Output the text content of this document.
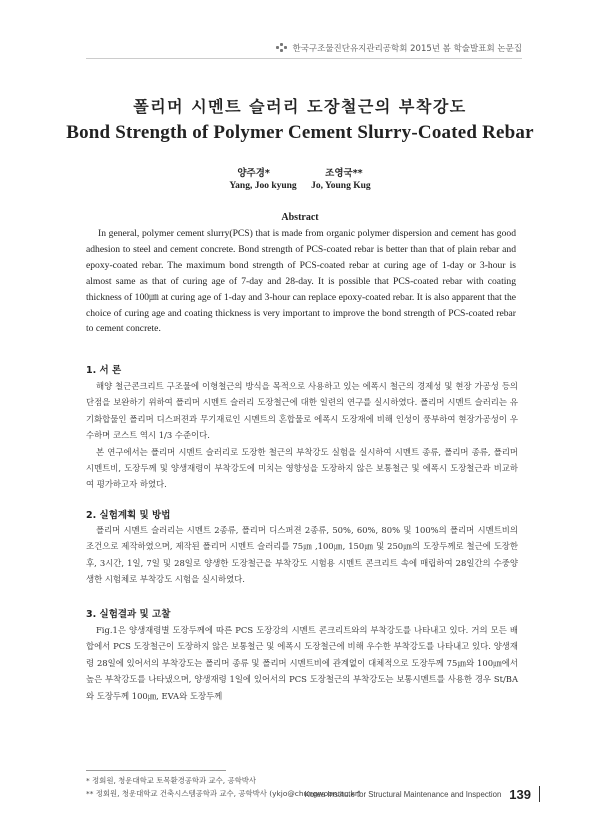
한국구조물진단유지관리공학회 2015년 봄 학술발표회 논문집
폴리머 시멘트 슬러리 도장철근의 부착강도
Bond Strength of Polymer Cement Slurry-Coated Rebar
양주경*	조영국**
Yang, Joo kyung Jo, Young Kug
Abstract
In general, polymer cement slurry(PCS) that is made from organic polymer dispersion and cement has good adhesion to steel and cement concrete. Bond strength of PCS-coated rebar is better than that of plain rebar and epoxy-coated rebar. The maximum bond strength of PCS-coated rebar at curing age of 1-day or 3-hour is almost same as that of curing age of 7-day and 28-day. It is possible that PCS-coated rebar with coating thickness of 100㎛ at curing age of 1-day and 3-hour can replace epoxy-coated rebar. It is also apparent that the choice of curing age and coating thickness is very important to improve the bond strength of PCS-coated rebar to cement concrete.
1. 서 론

해양 철근콘크리트 구조물에 이형철근의 방식을 목적으로 사용하고 있는 에폭시 철근의 경제성 및 현장 가공성 등의 단점을 보완하기 위하여 폴리머 시멘트 슬러리 도장철근에 대한 일련의 연구를 실시하였다. 폴리머 시멘트 슬러리는 유기화합물인 폴리머 디스퍼젼과 무기재료인 시멘트의 혼합물로 에폭시 도장재에 비해 인성이 풍부하여 현장가공성이 우수하며 코스트 역시 1/3 수준이다.

본 연구에서는 폴리머 시멘트 슬러리로 도장한 철근의 부착강도 실험을 실시하여 시멘트 종류, 폴리머 종류, 폴리머 시멘트비, 도장두께 및 양생재령이 부착강도에 미치는 영향성을 도장하지 않은 보통철근 및 에폭시 도장철근과 비교하여 평가하고자 하였다.

2. 실험계획 및 방법

폴리머 시멘트 슬러리는 시멘트 2종류, 폴리머 디스퍼젼 2종류, 50%, 60%, 80% 및 100%의 폴리머 시멘트비의 조건으로 제작하였으며, 제작된 폴리머 시멘트 슬러리를 75㎛ ,100㎛, 150㎛ 및 250㎛의 도장두께로 철근에 도장한 후, 3시간, 1일, 7일 및 28일로 양생한 도장철근을 부착강도 시험용 시멘트 콘크리트 속에 매립하여 28일간의 수중양생한 시험체로 부착강도 시험을 실시하였다.

3. 실험결과 및 고찰

Fig.1은 양생재령별 도장두께에 따른 PCS 도장강의 시멘트 콘크리트와의 부착강도를 나타내고 있다. 거의 모든 배합에서 PCS 도장철근이 도장하지 않은 보통철근 및 에폭시 도장철근에 비해 우수한 부착강도를 나타내고 있다. 양생재령 28일에 있어서의 부착강도는 폴리머 종류 및 폴리머 시멘트비에 관계없이 대체적으로 도장두께 75㎛와 100㎛에서 높은 부착강도를 나타냈으며, 양생재령 1일에 있어서의 PCS 도장철근의 부착강도는 보통시멘트를 사용한 경우 St/BA와 도장두께 100㎛, EVA와 도장두께

* 정회원, 청운대학교 토목환경공학과 교수, 공학박사
** 정회원, 청운대학교 건축시스템공학과 교수, 공학박사 (ykjo@chungwoon.ac.kr)
Korea Institute for Structural Maintenance and Inspection 139
